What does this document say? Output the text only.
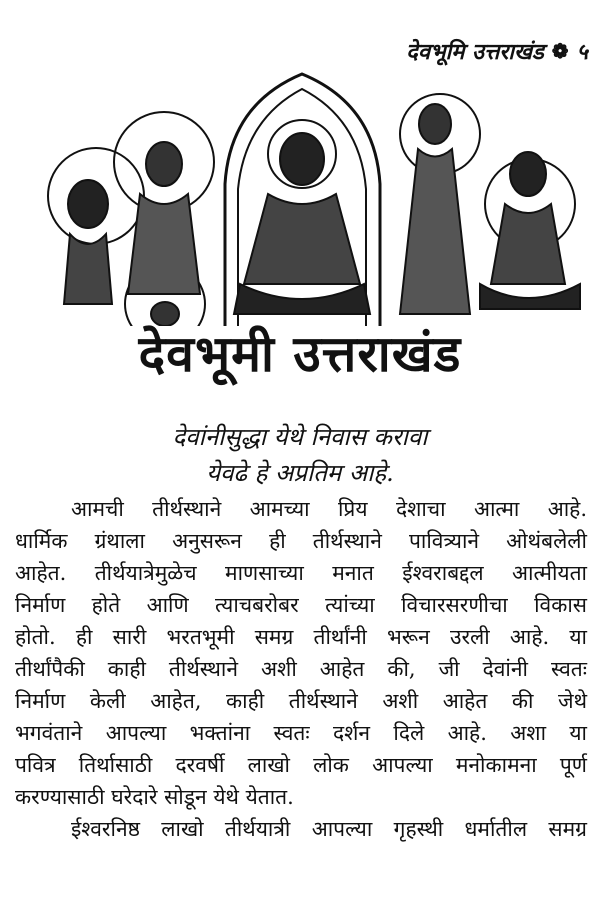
देवभूमि उत्तराखंड ❁ ५
देवभूमी उत्तराखंड
देवांनीसुद्धा येथे निवास करावा
येवढे हे अप्रतिम आहे.

आमची तीर्थस्थाने आमच्या प्रिय देशाचा आत्मा आहे.

धार्मिक ग्रंथाला अनुसरून ही तीर्थस्थाने पावित्र्याने ओथंबलेली

आहेत. तीर्थयात्रेमुळेच माणसाच्या मनात ईश्वराबद्दल आत्मीयता

निर्माण होते आणि त्याचबरोबर त्यांच्या विचारसरणीचा विकास

होतो. ही सारी भरतभूमी समग्र तीर्थांनी भरून उरली आहे. या

तीर्थांपैकी काही तीर्थस्थाने अशी आहेत की, जी देवांनी स्वतः

निर्माण केली आहेत, काही तीर्थस्थाने अशी आहेत की जेथे

भगवंताने आपल्या भक्तांना स्वतः दर्शन दिले आहे. अशा या

पवित्र तिर्थासाठी दरवर्षी लाखो लोक आपल्या मनोकामना पूर्ण

करण्यासाठी घरेदारे सोडून येथे येतात.

ईश्वरनिष्ठ लाखो तीर्थयात्री आपल्या गृहस्थी धर्मातील समग्र
